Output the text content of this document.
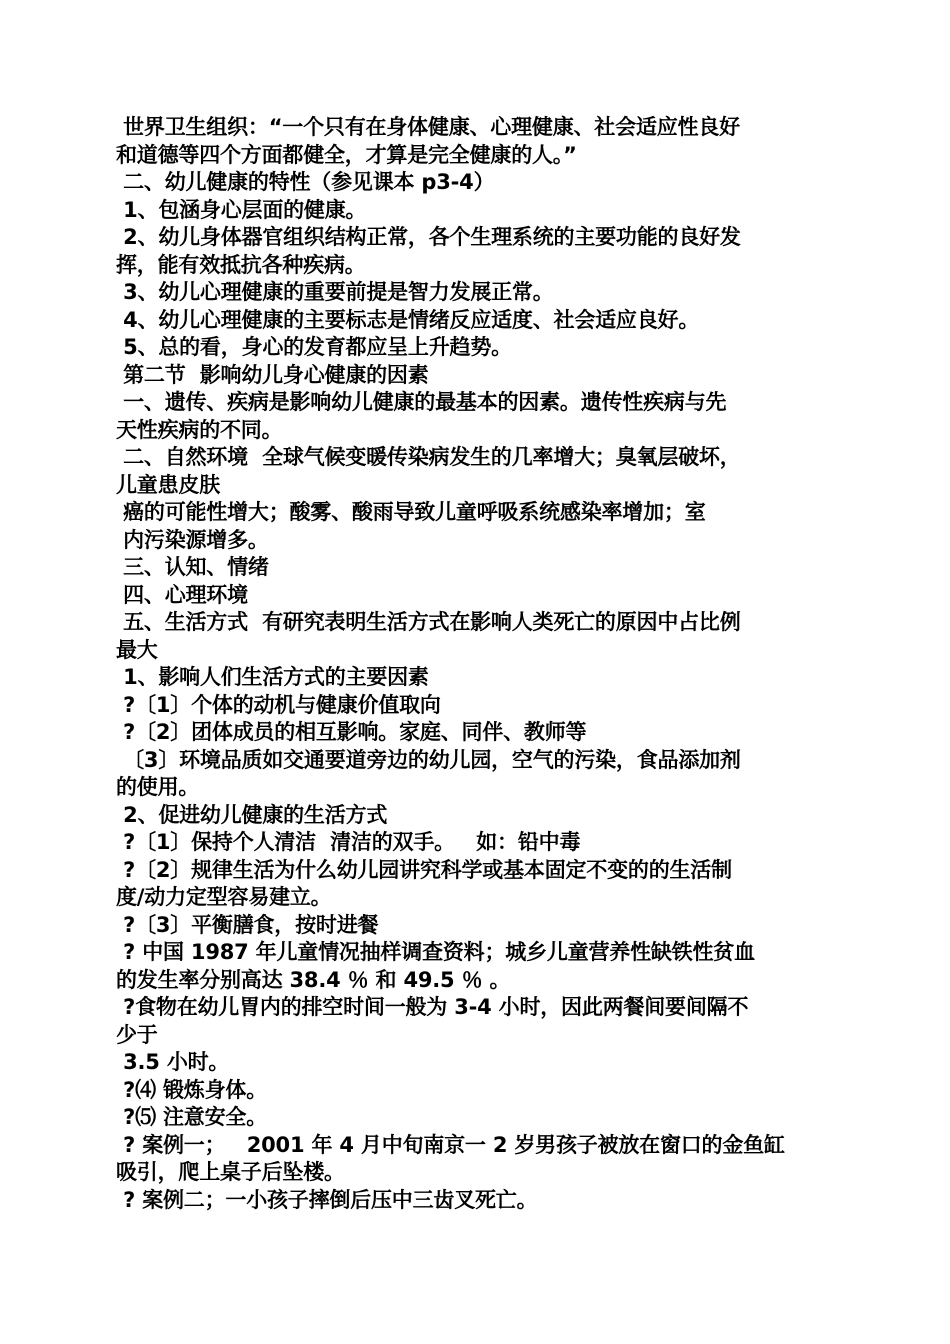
世界卫生组织：“一个只有在身体健康、心理健康、社会适应性良好
和道德等四个方面都健全，才算是完全健康的人。”
二、幼儿健康的特性（参见课本 p3-4）
1、包涵身心层面的健康。
2、幼儿身体器官组织结构正常，各个生理系统的主要功能的良好发
挥，能有效抵抗各种疾病。
3、幼儿心理健康的重要前提是智力发展正常。
4、幼儿心理健康的主要标志是情绪反应适度、社会适应良好。
5、总的看，身心的发育都应呈上升趋势。
第二节  影响幼儿身心健康的因素
一、遗传、疾病是影响幼儿健康的最基本的因素。遗传性疾病与先
天性疾病的不同。
二、自然环境  全球气候变暖传染病发生的几率增大；臭氧层破坏，
儿童患皮肤
癌的可能性增大；酸雾、酸雨导致儿童呼吸系统感染率增加；室
内污染源增多。
三、认知、情绪
四、心理环境
五、生活方式  有研究表明生活方式在影响人类死亡的原因中占比例
最大
1、影响人们生活方式的主要因素
?〔1〕个体的动机与健康价值取向
?〔2〕团体成员的相互影响。家庭、同伴、教师等
〔3〕环境品质如交通要道旁边的幼儿园，空气的污染，食品添加剂
的使用。
2、促进幼儿健康的生活方式
?〔1〕保持个人清洁  清洁的双手。   如：铅中毒
?〔2〕规律生活为什么幼儿园讲究科学或基本固定不变的的生活制
度/动力定型容易建立。
?〔3〕平衡膳食，按时进餐
? 中国 1987 年儿童情况抽样调查资料；城乡儿童营养性缺铁性贫血
的发生率分别高达 38.4 ％ 和 49.5 ％ 。
?食物在幼儿胃内的排空时间一般为 3-4 小时，因此两餐间要间隔不
少于
3.5 小时。
?⑷ 锻炼身体。
?⑸ 注意安全。
? 案例一；   2001 年 4 月中旬南京一 2 岁男孩子被放在窗口的金鱼缸
吸引，爬上桌子后坠楼。
? 案例二；一小孩子摔倒后压中三齿叉死亡。
